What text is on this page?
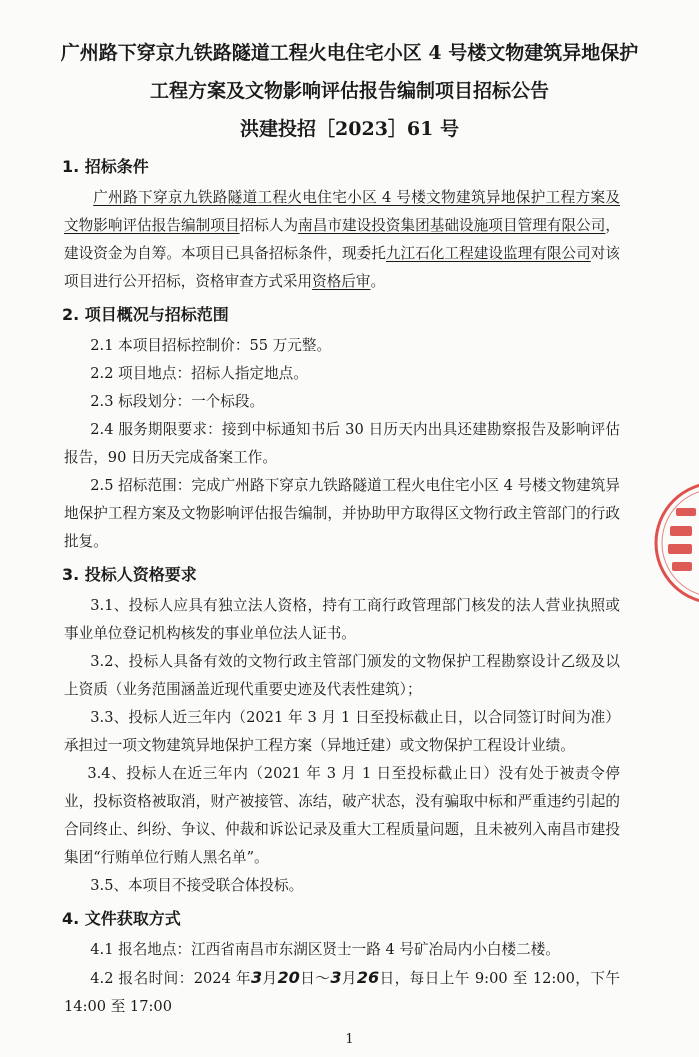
广州路下穿京九铁路隧道工程火电住宅小区 4 号楼文物建筑异地保护
工程方案及文物影响评估报告编制项目招标公告
洪建投招［2023］61 号
1. 招标条件
广州路下穿京九铁路隧道工程火电住宅小区 4 号楼文物建筑异地保护工程方案及文物影响评估报告编制项目招标人为南昌市建设投资集团基础设施项目管理有限公司，建设资金为自筹。本项目已具备招标条件，现委托九江石化工程建设监理有限公司对该项目进行公开招标，资格审查方式采用资格后审。
2. 项目概况与招标范围
2.1 本项目招标控制价：55 万元整。
2.2 项目地点：招标人指定地点。
2.3 标段划分：一个标段。
2.4 服务期限要求：接到中标通知书后 30 日历天内出具还建勘察报告及影响评估报告，90 日历天完成备案工作。
2.5 招标范围：完成广州路下穿京九铁路隧道工程火电住宅小区 4 号楼文物建筑异地保护工程方案及文物影响评估报告编制，并协助甲方取得区文物行政主管部门的行政批复。
3. 投标人资格要求
3.1、投标人应具有独立法人资格，持有工商行政管理部门核发的法人营业执照或事业单位登记机构核发的事业单位法人证书。
3.2、投标人具备有效的文物行政主管部门颁发的文物保护工程勘察设计乙级及以上资质（业务范围涵盖近现代重要史迹及代表性建筑）；
3.3、投标人近三年内（2021 年 3 月 1 日至投标截止日，以合同签订时间为准）承担过一项文物建筑异地保护工程方案（异地迁建）或文物保护工程设计业绩。
3.4、投标人在近三年内（2021 年 3 月 1 日至投标截止日）没有处于被责令停业，投标资格被取消，财产被接管、冻结，破产状态，没有骗取中标和严重违约引起的合同终止、纠纷、争议、仲裁和诉讼记录及重大工程质量问题，且未被列入南昌市建投集团“行贿单位行贿人黑名单”。
3.5、本项目不接受联合体投标。
4. 文件获取方式
4.1 报名地点：江西省南昌市东湖区贤士一路 4 号矿冶局内小白楼二楼。
4.2 报名时间：2024 年3月20日～3月26日，每日上午 9:00 至 12:00，下午 14:00 至 17:00
1
